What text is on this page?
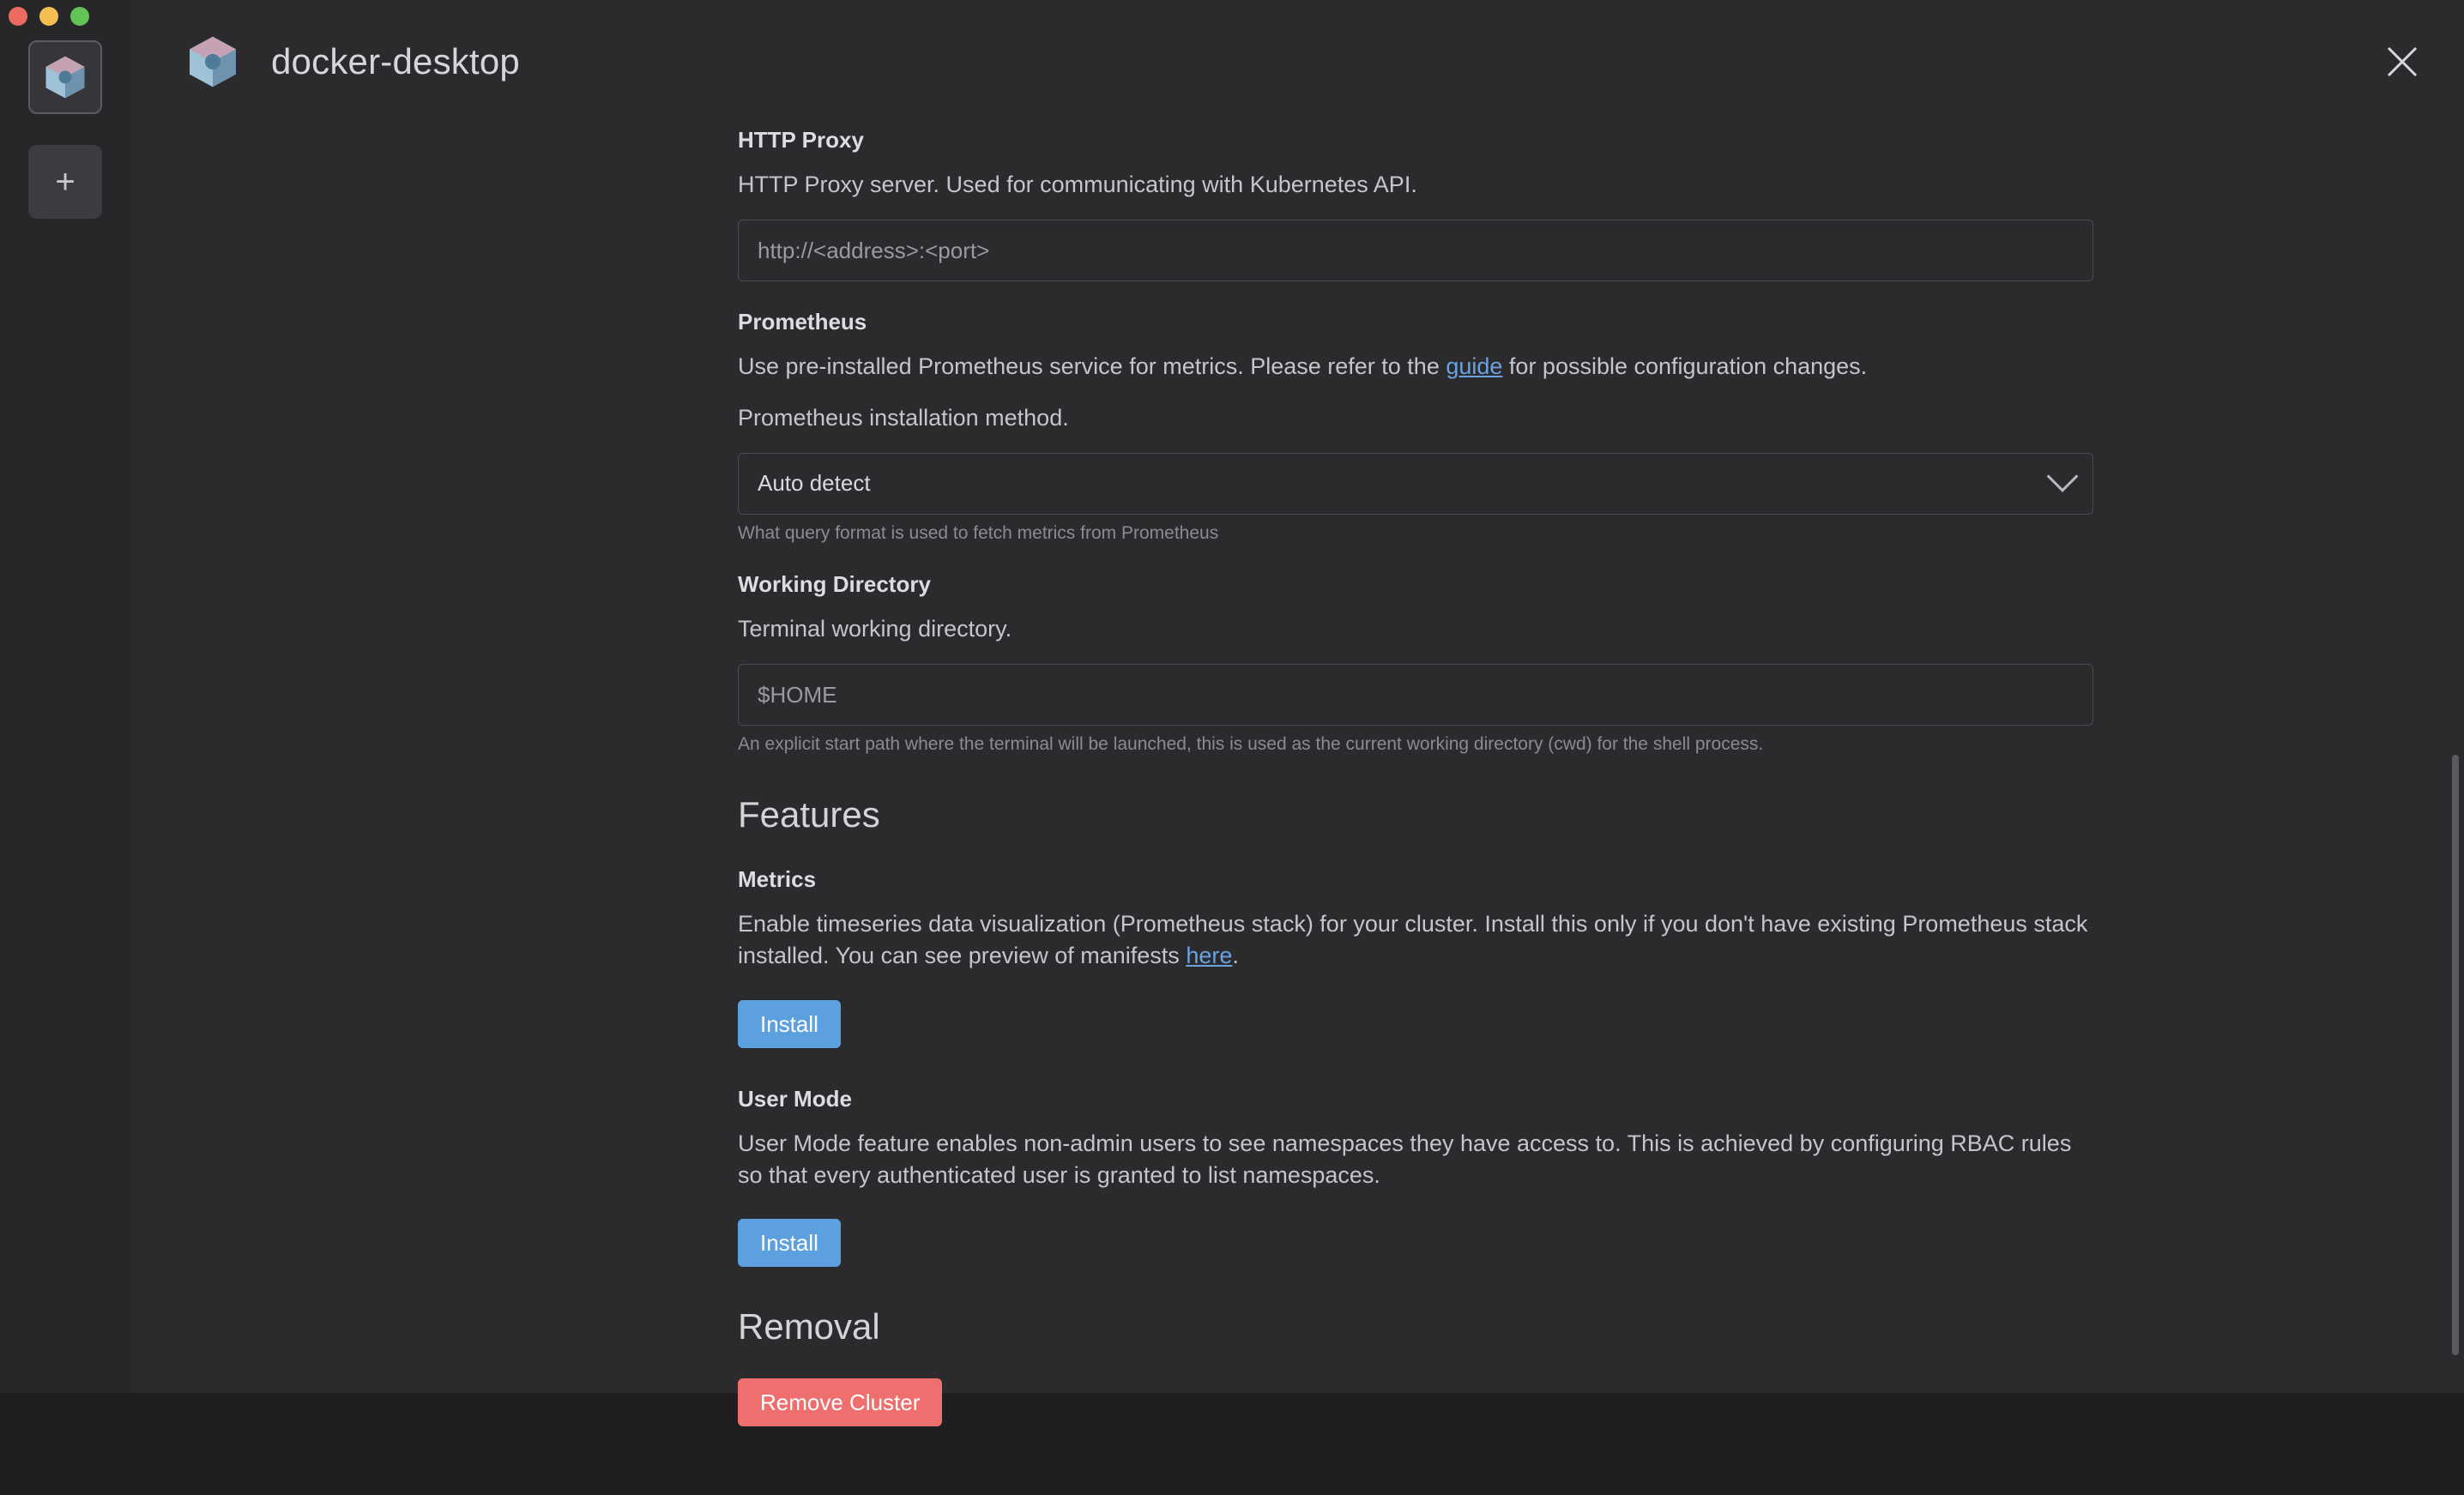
+
docker-desktop
HTTP Proxy
HTTP Proxy server. Used for communicating with Kubernetes API.
http://<address>:<port>
Prometheus
Use pre-installed Prometheus service for metrics. Please refer to the guide for possible configuration changes.
Prometheus installation method.
Auto detect
What query format is used to fetch metrics from Prometheus
Working Directory
Terminal working directory.
$HOME
An explicit start path where the terminal will be launched, this is used as the current working directory (cwd) for the shell process.
Features
Metrics
Enable timeseries data visualization (Prometheus stack) for your cluster. Install this only if you don't have existing Prometheus stack installed. You can see preview of manifests here.
Install
User Mode
User Mode feature enables non-admin users to see namespaces they have access to. This is achieved by configuring RBAC rules so that every authenticated user is granted to list namespaces.
Install
Removal
Remove Cluster
